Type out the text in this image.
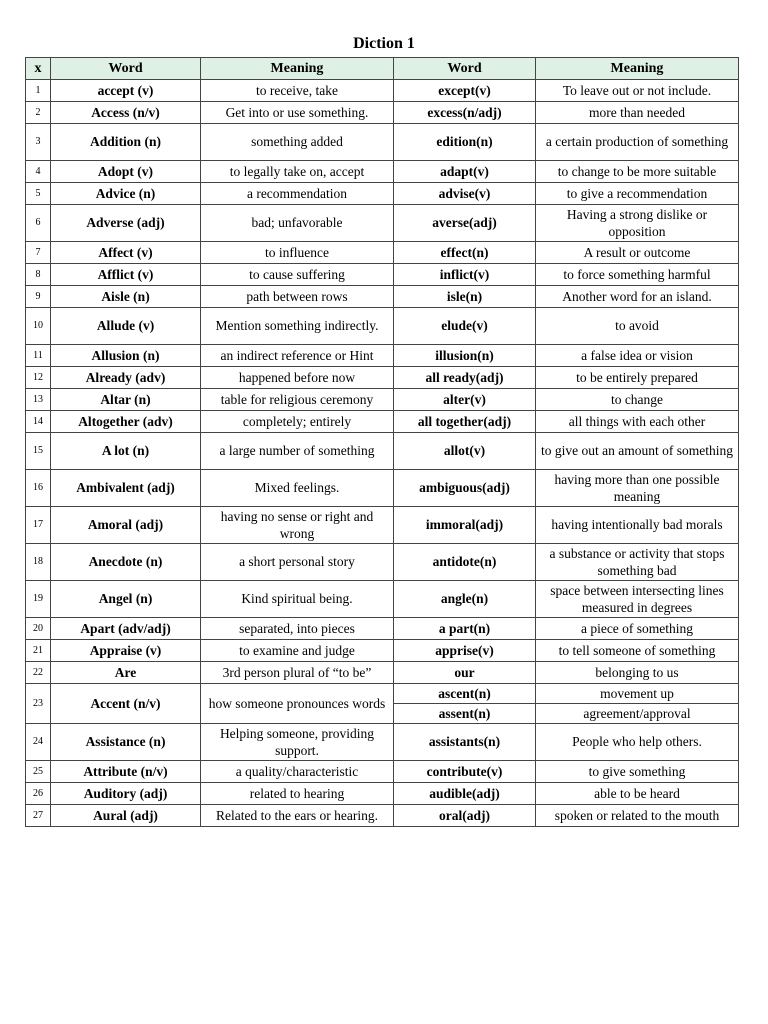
Diction 1
x	Word	Meaning	Word	Meaning
1	accept (v)	to receive, take	except(v)	To leave out or not include.
2	Access (n/v)	Get into or use something.	excess(n/adj)	more than needed
3	Addition (n)	something added	edition(n)	a certain production of something
4	Adopt (v)	to legally take on, accept	adapt(v)	to change to be more suitable
5	Advice (n)	a recommendation	advise(v)	to give a recommendation
6	Adverse (adj)	bad; unfavorable	averse(adj)	Having a strong dislike or opposition
7	Affect (v)	to influence	effect(n)	A result or outcome
8	Afflict (v)	to cause suffering	inflict(v)	to force something harmful
9	Aisle (n)	path between rows	isle(n)	Another word for an island.
10	Allude (v)	Mention something indirectly.	elude(v)	to avoid
11	Allusion (n)	an indirect reference or Hint	illusion(n)	a false idea or vision
12	Already (adv)	happened before now	all ready(adj)	to be entirely prepared
13	Altar (n)	table for religious ceremony	alter(v)	to change
14	Altogether (adv)	completely; entirely	all together(adj)	all things with each other
15	A lot (n)	a large number of something	allot(v)	to give out an amount of something
16	Ambivalent (adj)	Mixed feelings.	ambiguous(adj)	having more than one possible meaning
17	Amoral (adj)	having no sense or right and wrong	immoral(adj)	having intentionally bad morals
18	Anecdote (n)	a short personal story	antidote(n)	a substance or activity that stops something bad
19	Angel (n)	Kind spiritual being.	angle(n)	space between intersecting lines measured in degrees
20	Apart (adv/adj)	separated, into pieces	a part(n)	a piece of something
21	Appraise (v)	to examine and judge	apprise(v)	to tell someone of something
22	Are	3rd person plural of “to be”	our	belonging to us
23	Accent (n/v)	how someone pronounces words	ascent(n)	movement up
			assent(n)	agreement/approval
24	Assistance (n)	Helping someone, providing support.	assistants(n)	People who help others.
25	Attribute (n/v)	a quality/characteristic	contribute(v)	to give something
26	Auditory (adj)	related to hearing	audible(adj)	able to be heard
27	Aural (adj)	Related to the ears or hearing.	oral(adj)	spoken or related to the mouth
